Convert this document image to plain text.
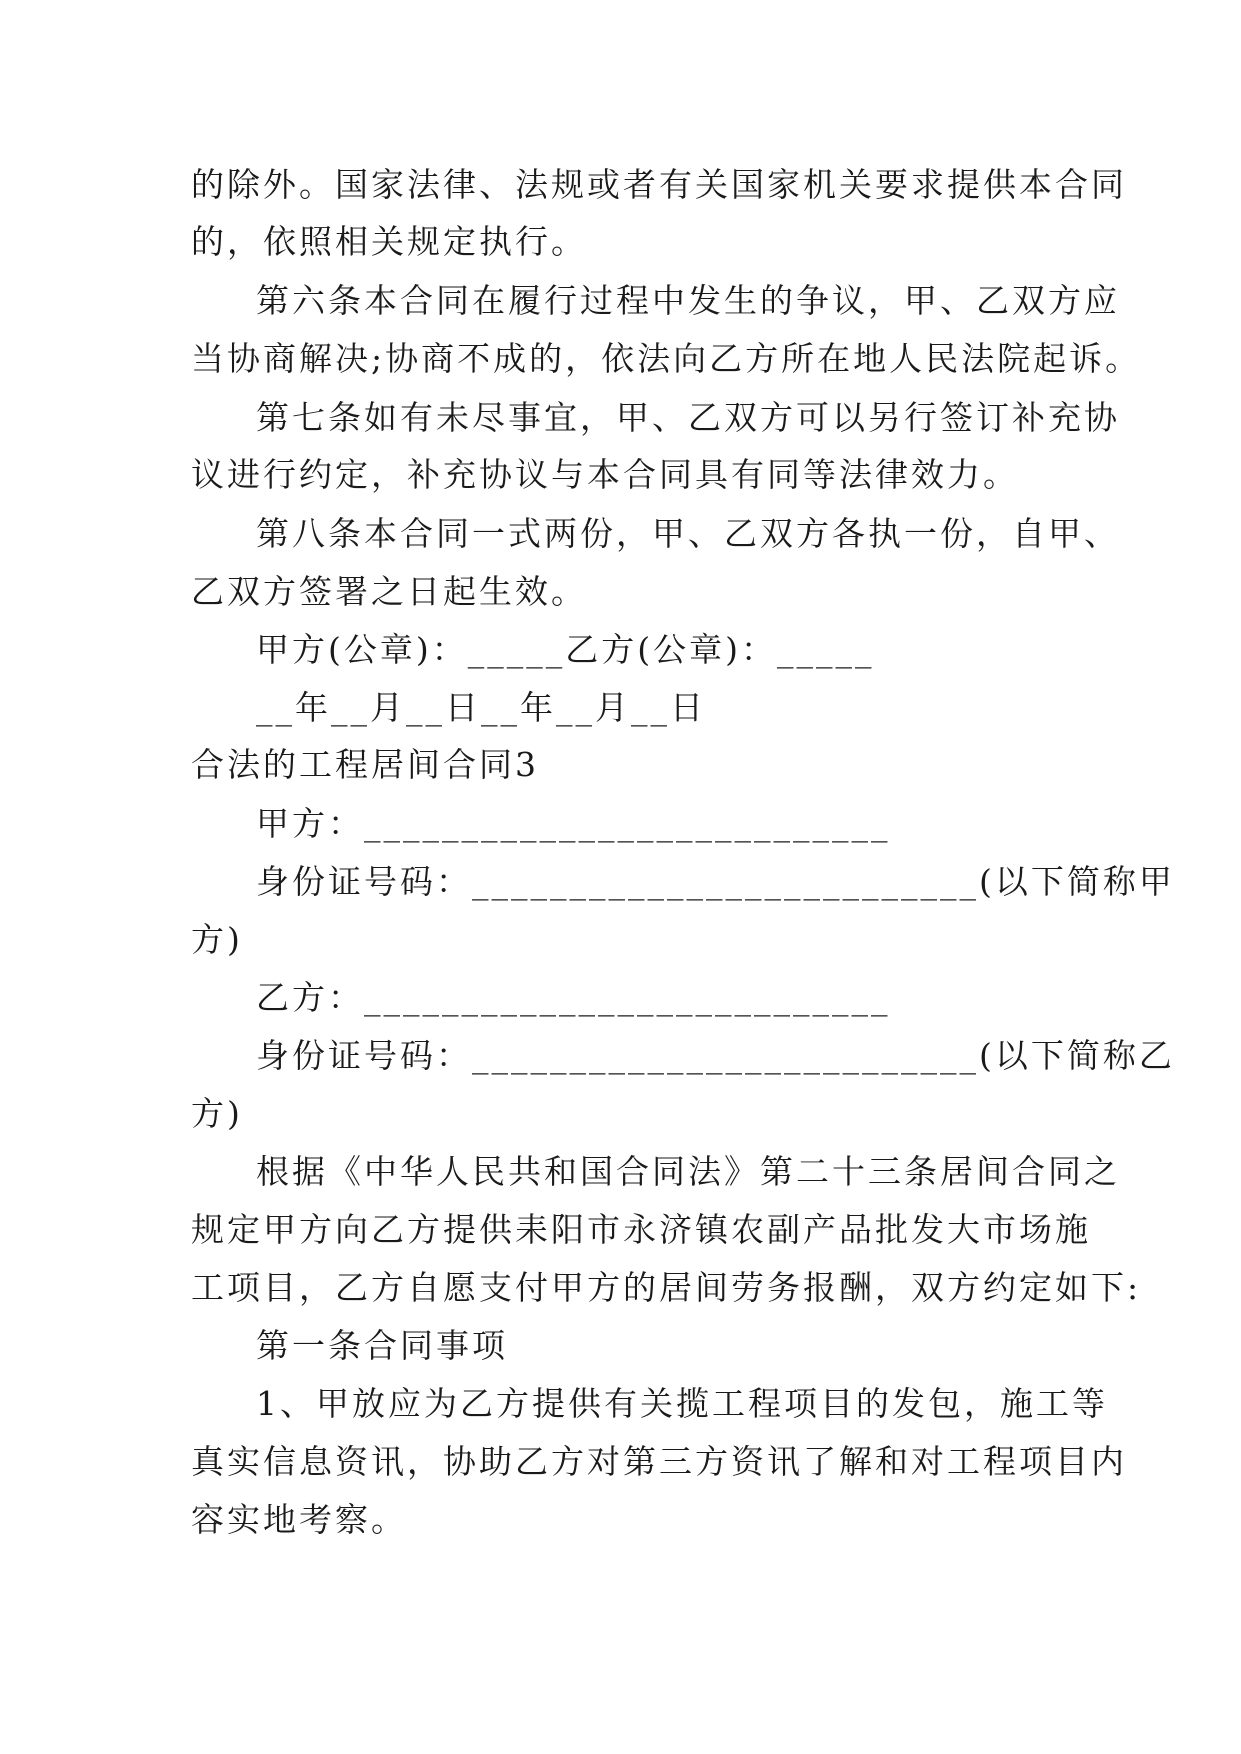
的除外。国家法律、法规或者有关国家机关要求提供本合同
的，依照相关规定执行。
第六条本合同在履行过程中发生的争议，甲、乙双方应
当协商解决;协商不成的，依法向乙方所在地人民法院起诉。
第七条如有未尽事宜，甲、乙双方可以另行签订补充协
议进行约定，补充协议与本合同具有同等法律效力。
第八条本合同一式两份，甲、乙双方各执一份，自甲、
乙双方签署之日起生效。
甲方(公章)：_____乙方(公章)：_____
__年__月__日__年__月__日
合法的工程居间合同3
甲方：___________________________
身份证号码：__________________________(以下简称甲
方)
乙方：___________________________
身份证号码：__________________________(以下简称乙
方)
根据《中华人民共和国合同法》第二十三条居间合同之
规定甲方向乙方提供耒阳市永济镇农副产品批发大市场施
工项目，乙方自愿支付甲方的居间劳务报酬，双方约定如下:
第一条合同事项
1、甲放应为乙方提供有关揽工程项目的发包，施工等
真实信息资讯，协助乙方对第三方资讯了解和对工程项目内
容实地考察。
